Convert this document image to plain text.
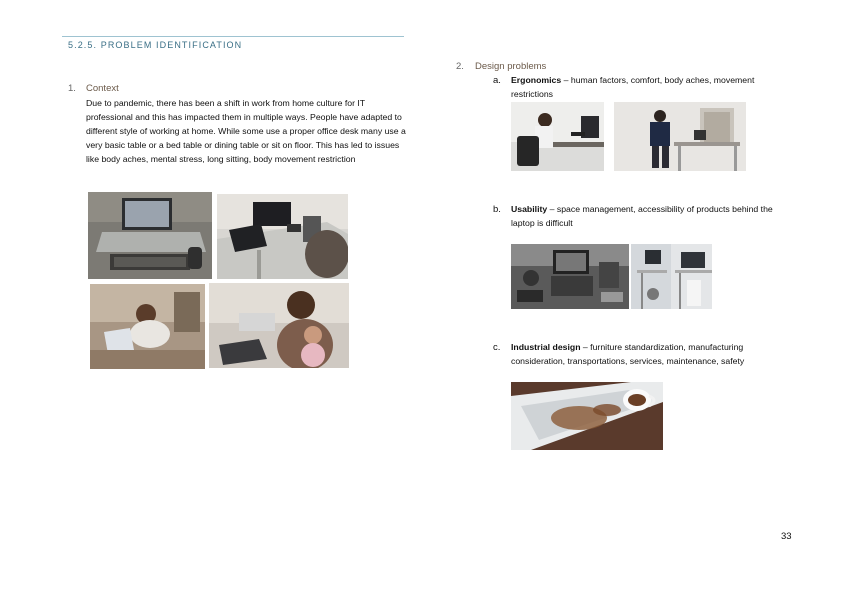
5.2.5. PROBLEM IDENTIFICATION
1. Context
Due to pandemic, there has been a shift in work from home culture for IT professional and this has impacted them in multiple ways. People have adapted to different style of working at home. While some use a proper office desk many use a very basic table or a bed table or dining table or sit on floor. This has led to issues like body aches, mental stress, long sitting, body movement restriction
2. Design problems
a. Ergonomics – human factors, comfort, body aches, movement restrictions
b. Usability – space management, accessibility of products behind the laptop is difficult
c. Industrial design – furniture standardization, manufacturing consideration, transportations, services, maintenance, safety
33
